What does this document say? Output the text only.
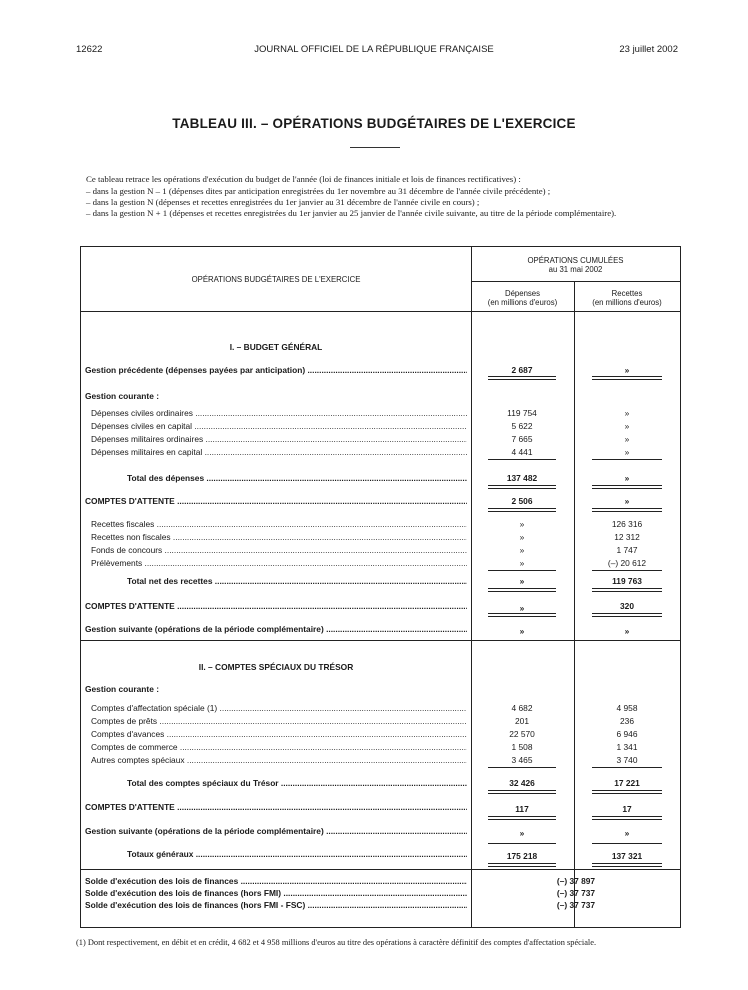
12622	JOURNAL OFFICIEL DE LA RÉPUBLIQUE FRANÇAISE	23 juillet 2002
TABLEAU III. – OPÉRATIONS BUDGÉTAIRES DE L'EXERCICE
Ce tableau retrace les opérations d'exécution du budget de l'année (loi de finances initiale et lois de finances rectificatives) :
– dans la gestion N – 1 (dépenses dites par anticipation enregistrées du 1er novembre au 31 décembre de l'année civile précédente) ;
– dans la gestion N (dépenses et recettes enregistrées du 1er janvier au 31 décembre de l'année civile en cours) ;
– dans la gestion N + 1 (dépenses et recettes enregistrées du 1er janvier au 25 janvier de l'année civile suivante, au titre de la période complémentaire).
OPÉRATIONS BUDGÉTAIRES DE L'EXERCICE
OPÉRATIONS CUMULÉES
au 31 mai 2002
Dépenses
(en millions d'euros)
Recettes
(en millions d'euros)
I. – BUDGET GÉNÉRAL
II. – COMPTES SPÉCIAUX DU TRÉSOR
Gestion précédente (dépenses payées par anticipation) .....	2 687	»
Gestion courante :
Dépenses civiles ordinaires .....	119 754	»
Dépenses civiles en capital .....	5 622	»
Dépenses militaires ordinaires .....	7 665	»
Dépenses militaires en capital .....	4 441	»
Total des dépenses .....	137 482	»
COMPTES D'ATTENTE .....	2 506	»
Recettes fiscales .....	»	126 316
Recettes non fiscales .....	»	12 312
Fonds de concours .....	»	1 747
Prélèvements .....	»	(–) 20 612
Total net des recettes .....	»	119 763
COMPTES D'ATTENTE .....	»	320
Gestion suivante (opérations de la période complémentaire) .....	»	»
Gestion courante :
Comptes d'affectation spéciale (1) .....	4 682	4 958
Comptes de prêts .....	201	236
Comptes d'avances .....	22 570	6 946
Comptes de commerce .....	1 508	1 341
Autres comptes spéciaux .....	3 465	3 740
Total des comptes spéciaux du Trésor .....	32 426	17 221
COMPTES D'ATTENTE .....	117	17
Gestion suivante (opérations de la période complémentaire) .....	»	»
Totaux généraux .....	175 218	137 321
Solde d'exécution des lois de finances .....	(–) 37 897
Solde d'exécution des lois de finances (hors FMI) .....	(–) 37 737
Solde d'exécution des lois de finances (hors FMI - FSC) .....	(–) 37 737
(1) Dont respectivement, en débit et en crédit, 4 682 et 4 958 millions d'euros au titre des opérations à caractère définitif des comptes d'affectation spéciale.
